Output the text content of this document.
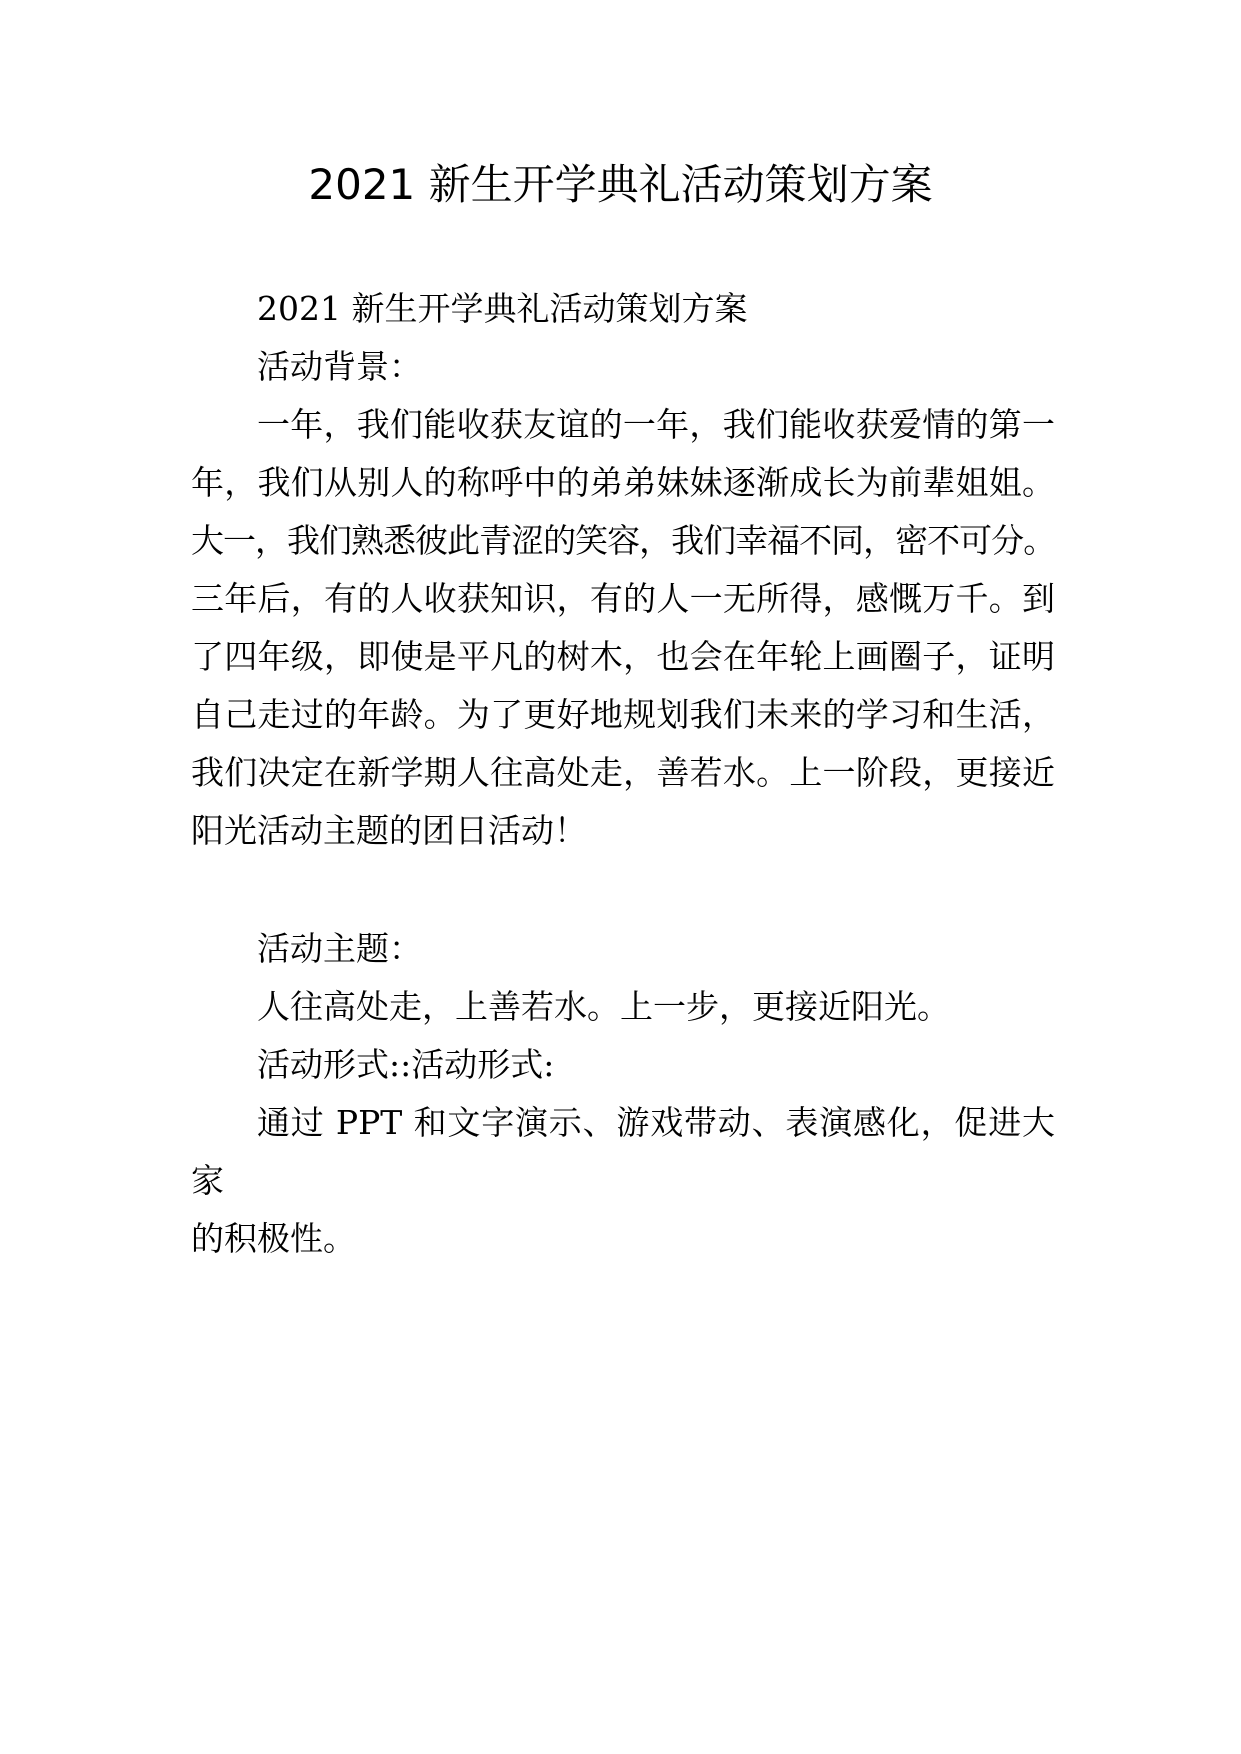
2021 新生开学典礼活动策划方案

2021 新生开学典礼活动策划方案

活动背景：

一年，我们能收获友谊的一年，我们能收获爱情的第一
年，我们从别人的称呼中的弟弟妹妹逐渐成长为前辈姐姐。
大一，我们熟悉彼此青涩的笑容，我们幸福不同，密不可分。
三年后，有的人收获知识，有的人一无所得，感慨万千。到
了四年级，即使是平凡的树木，也会在年轮上画圈子，证明
自己走过的年龄。为了更好地规划我们未来的学习和生活，
我们决定在新学期人往高处走，善若水。上一阶段，更接近
阳光活动主题的团日活动！

活动主题：

人往高处走，上善若水。上一步，更接近阳光。

活动形式::活动形式:

通过 PPT 和文字演示、游戏带动、表演感化，促进大家
的积极性。
